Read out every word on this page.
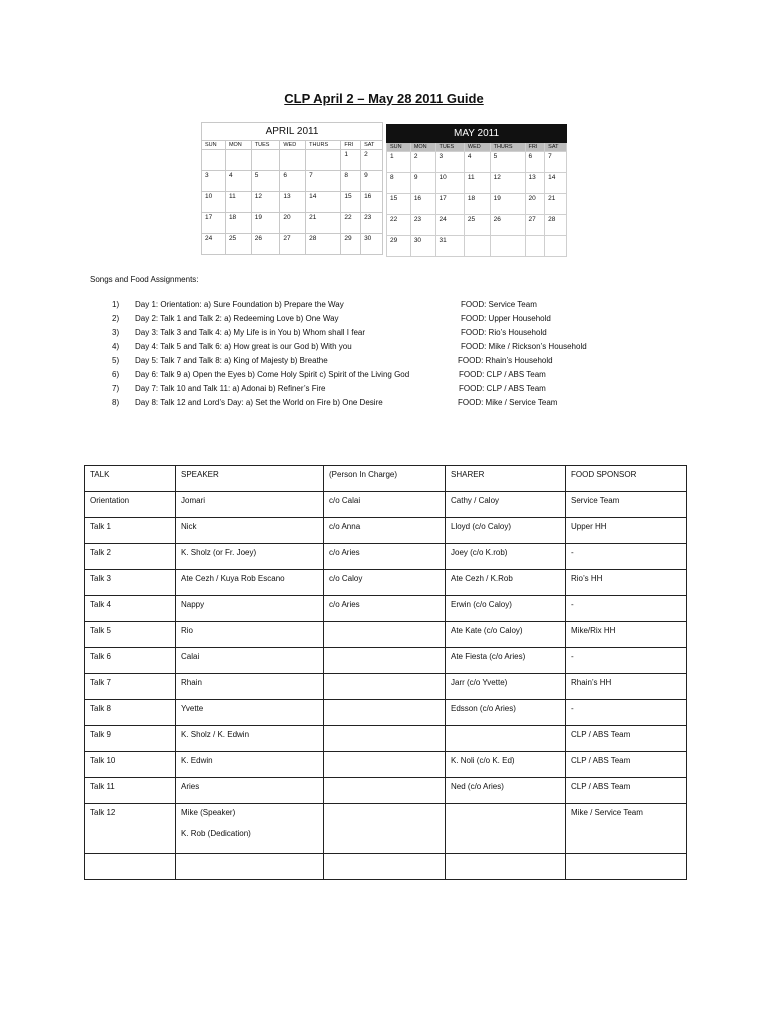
CLP April 2 – May 28 2011 Guide
APRIL 2011						
SUN	MON	TUES	WED	THURS	FRI	SAT
					1	2
3	4	5	6	7	8	9
10	11	12	13	14	15	16
17	18	19	20	21	22	23
24	25	26	27	28	29	30
MAY 2011						
SUN	MON	TUES	WED	THURS	FRI	SAT
1	2	3	4	5	6	7
8	9	10	11	12	13	14
15	16	17	18	19	20	21
22	23	24	25	26	27	28
29	30	31				
Songs and Food Assignments:
1) Day 1: Orientation: a) Sure Foundation b) Prepare the Way	FOOD: Service Team
2) Day 2: Talk 1 and Talk 2: a) Redeeming Love b) One Way	FOOD: Upper Household
3) Day 3: Talk 3 and Talk 4: a) My Life is in You b) Whom shall I fear	FOOD: Rio’s Household
4) Day 4: Talk 5 and Talk 6: a) How great is our God b) With you	FOOD: Mike / Rickson’s Household
5) Day 5: Talk 7 and Talk 8: a) King of Majesty b) Breathe	FOOD: Rhain’s Household
6) Day 6: Talk 9 a) Open the Eyes b) Come Holy Spirit c) Spirit of the Living God	FOOD: CLP / ABS Team
7) Day 7: Talk 10 and Talk 11: a) Adonai b) Refiner’s Fire	FOOD: CLP / ABS Team
8) Day 8: Talk 12 and Lord’s Day: a) Set the World on Fire b) One Desire	FOOD: Mike / Service Team
TALK	SPEAKER	(Person In Charge)	SHARER	FOOD SPONSOR
Orientation	Jomari	c/o Calai	Cathy / Caloy	Service Team
Talk 1	Nick	c/o Anna	Lloyd (c/o Caloy)	Upper HH
Talk 2	K. Sholz (or Fr. Joey)	c/o Aries	Joey (c/o K.rob)	-
Talk 3	Ate Cezh / Kuya Rob Escano	c/o Caloy	Ate Cezh / K.Rob	Rio’s HH
Talk 4	Nappy	c/o Aries	Erwin (c/o Caloy)	-
Talk 5	Rio		Ate Kate (c/o Caloy)	Mike/Rix HH
Talk 6	Calai		Ate Fiesta (c/o Aries)	-
Talk 7	Rhain		Jarr (c/o Yvette)	Rhain’s HH
Talk 8	Yvette		Edsson (c/o Aries)	-
Talk 9	K. Sholz / K. Edwin			CLP / ABS Team
Talk 10	K. Edwin		K. Noli (c/o K. Ed)	CLP / ABS Team
Talk 11	Aries		Ned (c/o Aries)	CLP / ABS Team
Talk 12	Mike (Speaker)
K. Rob (Dedication)			Mike / Service Team
